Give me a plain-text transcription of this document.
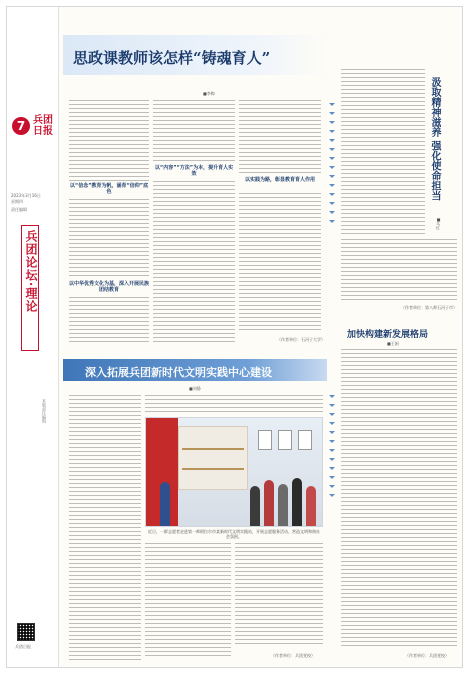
7 兵团日报
2023年3月16日
星期四
责任编辑
兵团论坛·理论
本版责任编辑
兵团日报
思政课教师该怎样“铸魂育人”
■李梅
以“信念”教育为帆，涵育“信仰”底色
以中华优秀文化为基，深入开展民族团结教育
以“内容”“方法”为本，提升育人实效
以实践为路，彰显教育育人作用
（作者单位：石河子大学）
汲取精神滋养 强化使命担当
■马红
（作者单位：第八师石河子市）
深入拓展兵团新时代文明实践中心建设
■刘静
近日，一群志愿者走进第一师阿拉尔市某新时代文明实践站，开展志愿服务活动，营造文明和谐社会氛围。
（作者单位：兵团党校）
加快构建新发展格局
■王娟
（作者单位：兵团党校）
